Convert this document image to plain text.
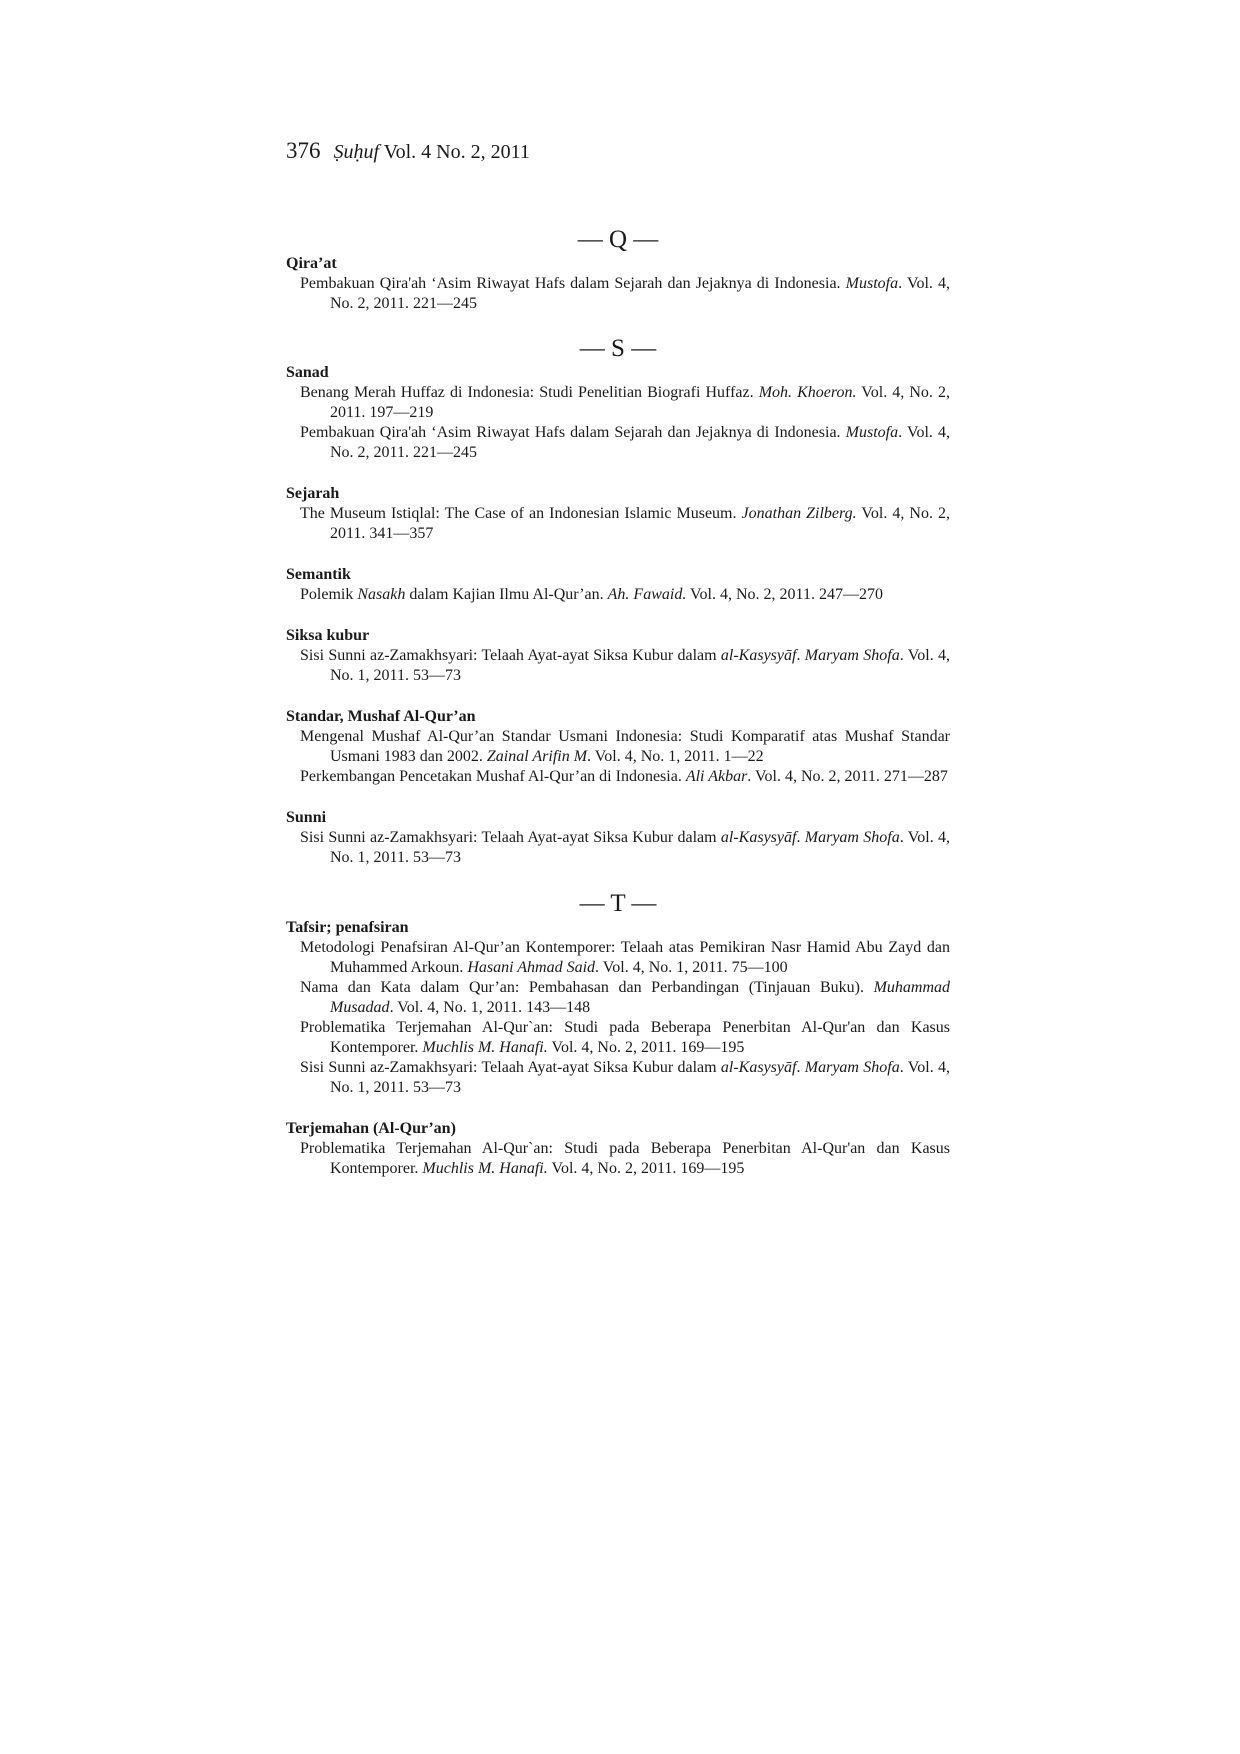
376 Ṣuḥuf Vol. 4 No. 2, 2011

— Q —

Qira’at

Pembakuan Qira'ah ‘Asim Riwayat Hafs dalam Sejarah dan Jejaknya di Indonesia. Mustofa. Vol. 4, No. 2, 2011. 221—245

— S —

Sanad

Benang Merah Huffaz di Indonesia: Studi Penelitian Biografi Huffaz. Moh. Khoeron. Vol. 4, No. 2, 2011. 197—219

Pembakuan Qira'ah ‘Asim Riwayat Hafs dalam Sejarah dan Jejaknya di Indonesia. Mustofa. Vol. 4, No. 2, 2011. 221—245

Sejarah

The Museum Istiqlal: The Case of an Indonesian Islamic Museum. Jonathan Zilberg. Vol. 4, No. 2, 2011. 341—357

Semantik

Polemik Nasakh dalam Kajian Ilmu Al-Qur’an. Ah. Fawaid. Vol. 4, No. 2, 2011. 247—270

Siksa kubur

Sisi Sunni az-Zamakhsyari: Telaah Ayat-ayat Siksa Kubur dalam al-Kasysyāf. Maryam Shofa. Vol. 4, No. 1, 2011. 53—73

Standar, Mushaf Al-Qur’an

Mengenal Mushaf Al-Qur’an Standar Usmani Indonesia: Studi Komparatif atas Mushaf Standar Usmani 1983 dan 2002. Zainal Arifin M. Vol. 4, No. 1, 2011. 1—22

Perkembangan Pencetakan Mushaf Al-Qur’an di Indonesia. Ali Akbar. Vol. 4, No. 2, 2011. 271—287

Sunni

Sisi Sunni az-Zamakhsyari: Telaah Ayat-ayat Siksa Kubur dalam al-Kasysyāf. Maryam Shofa. Vol. 4, No. 1, 2011. 53—73

— T —

Tafsir; penafsiran

Metodologi Penafsiran Al-Qur’an Kontemporer: Telaah atas Pemikiran Nasr Hamid Abu Zayd dan Muhammed Arkoun. Hasani Ahmad Said. Vol. 4, No. 1, 2011. 75—100

Nama dan Kata dalam Qur’an: Pembahasan dan Perbandingan (Tinjauan Buku). Muhammad Musadad. Vol. 4, No. 1, 2011. 143—148

Problematika Terjemahan Al-Qur`an: Studi pada Beberapa Penerbitan Al-Qur'an dan Kasus Kontemporer. Muchlis M. Hanafi. Vol. 4, No. 2, 2011. 169—195

Sisi Sunni az-Zamakhsyari: Telaah Ayat-ayat Siksa Kubur dalam al-Kasysyāf. Maryam Shofa. Vol. 4, No. 1, 2011. 53—73

Terjemahan (Al-Qur’an)

Problematika Terjemahan Al-Qur`an: Studi pada Beberapa Penerbitan Al-Qur'an dan Kasus Kontemporer. Muchlis M. Hanafi. Vol. 4, No. 2, 2011. 169—195
